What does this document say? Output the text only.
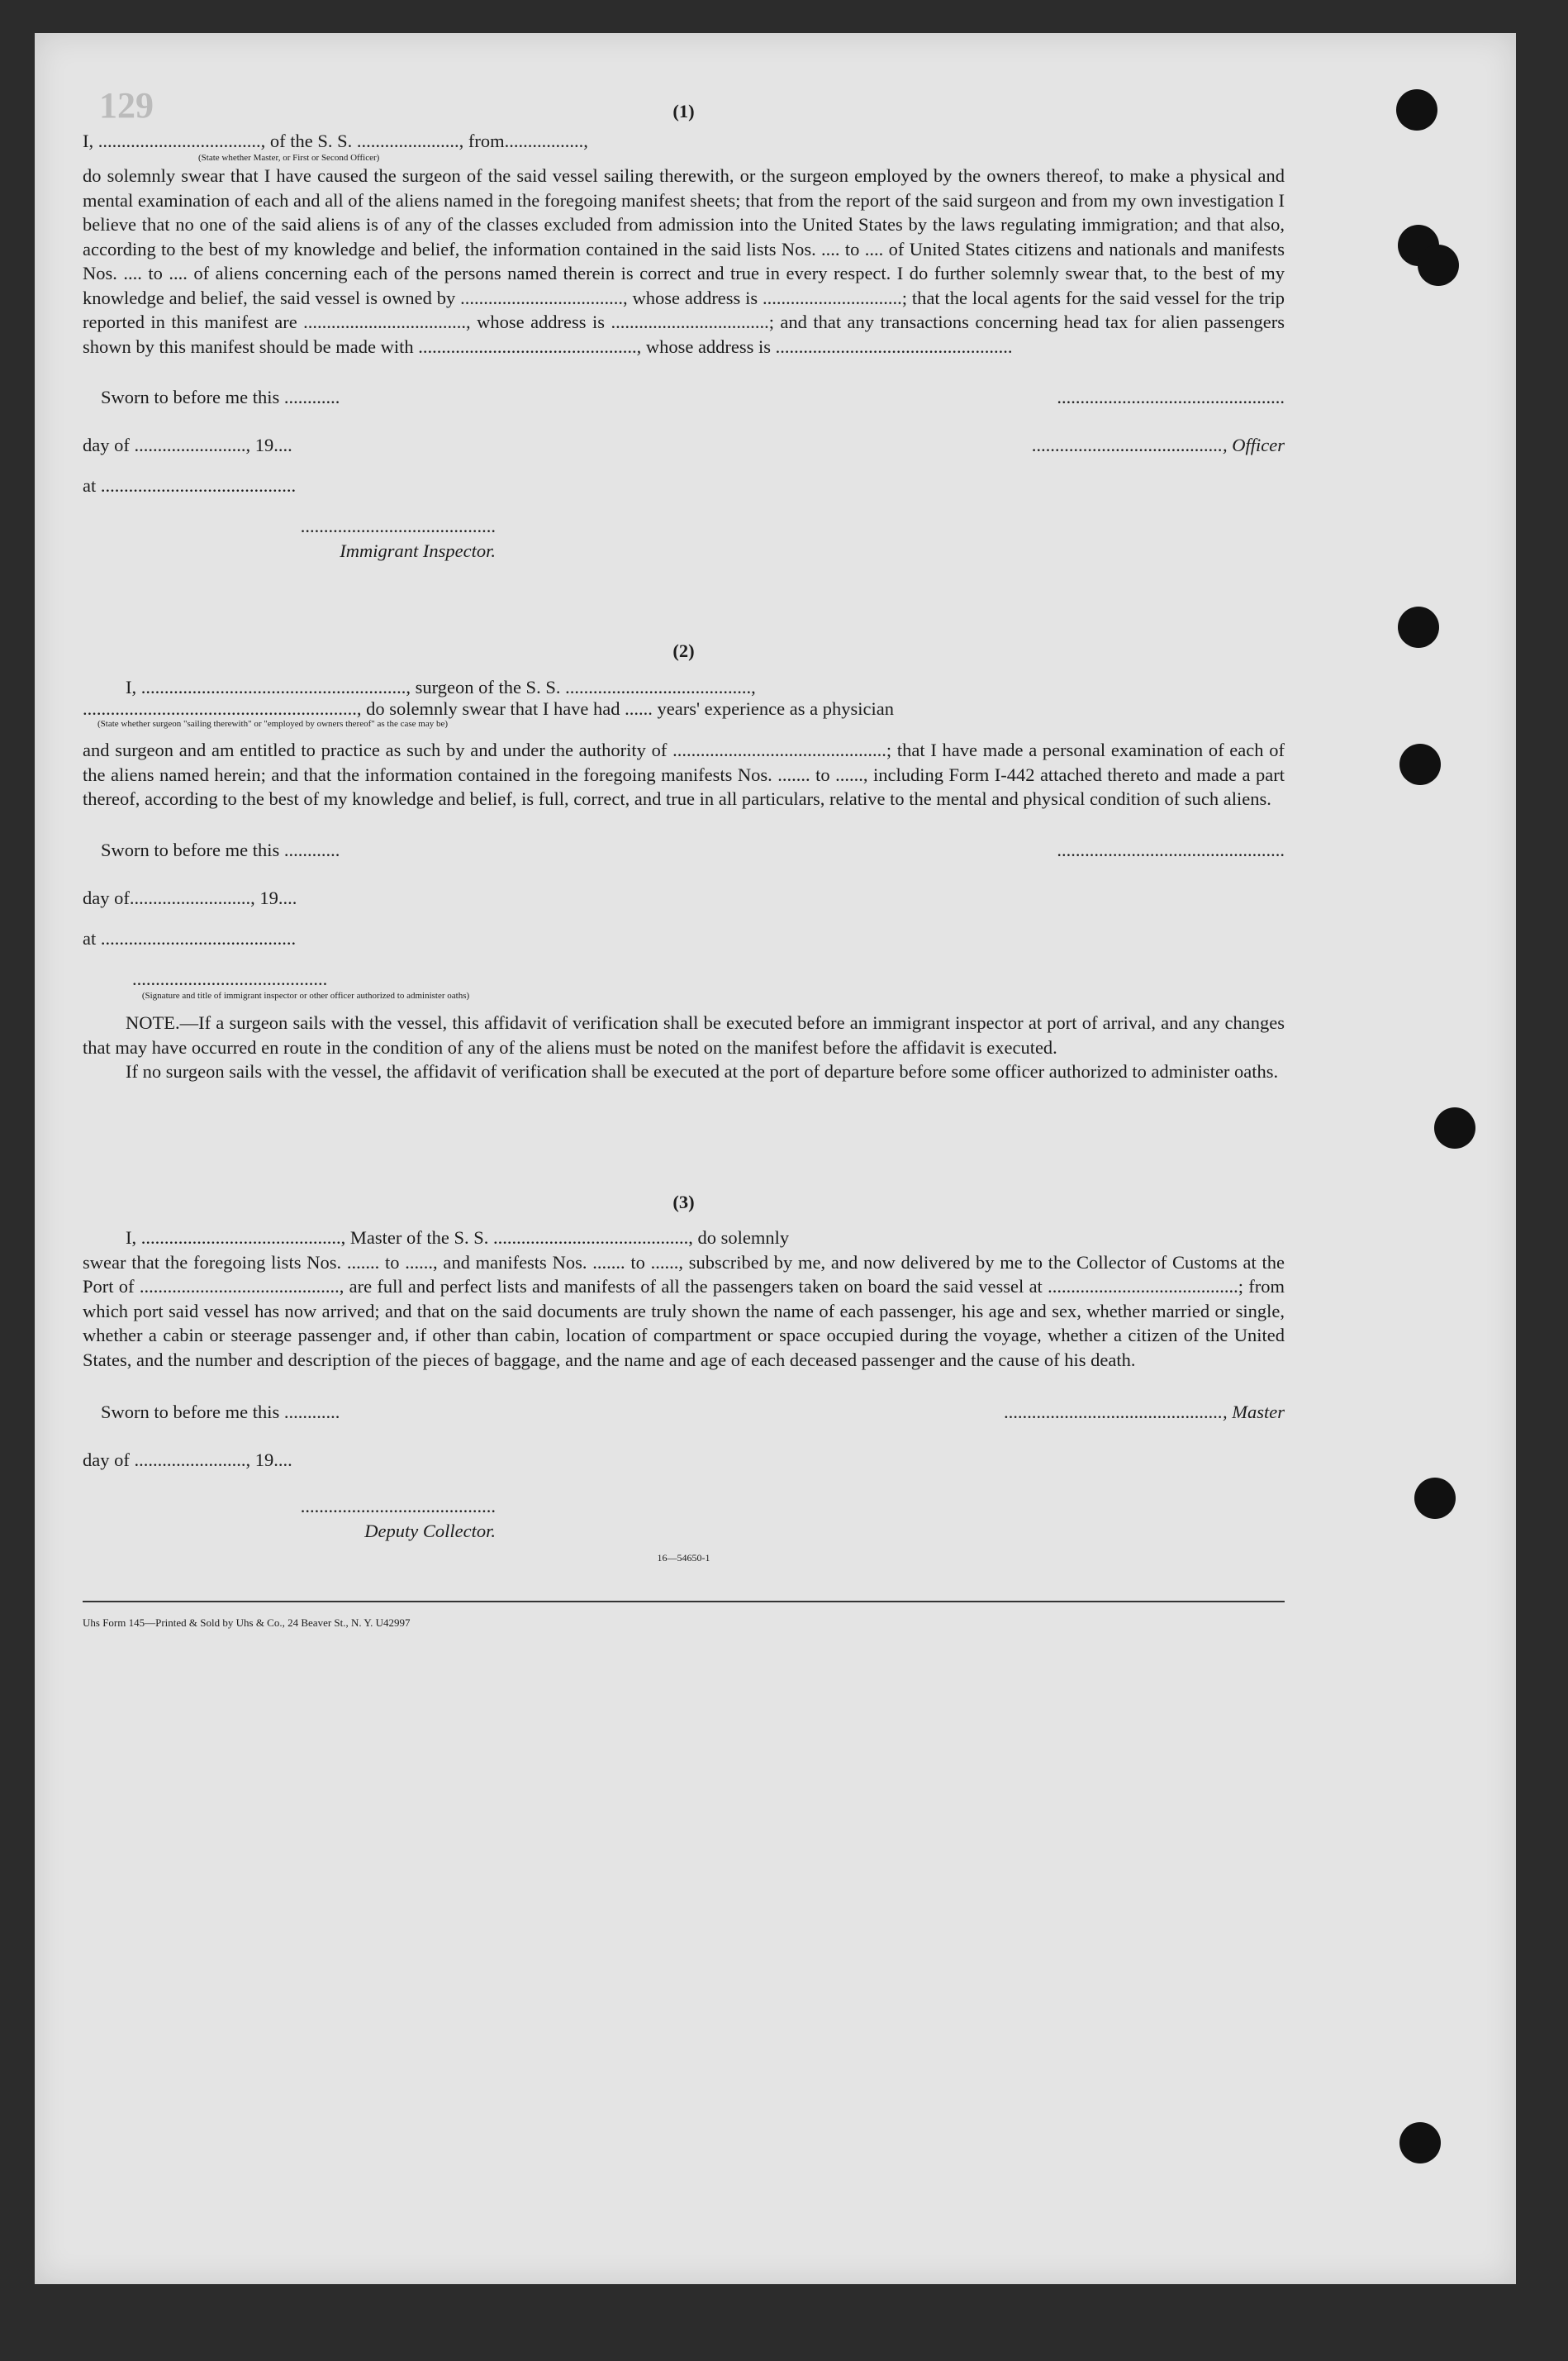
129	(1)
I, ..................................., of the S. S. ......................, from.................,
(State whether Master, or First or Second Officer)
do solemnly swear that I have caused the surgeon of the said vessel sailing therewith, or the surgeon employed by the owners thereof, to make a physical and mental examination of each and all of the aliens named in the foregoing manifest sheets; that from the report of the said surgeon and from my own investigation I believe that no one of the said aliens is of any of the classes excluded from admission into the United States by the laws regulating immigration; and that also, according to the best of my knowledge and belief, the information contained in the said lists Nos. .... to .... of United States citizens and nationals and manifests Nos. .... to .... of aliens concerning each of the persons named therein is correct and true in every respect. I do further solemnly swear that, to the best of my knowledge and belief, the said vessel is owned by ..................................., whose address is ..............................; that the local agents for the said vessel for the trip reported in this manifest are ..................................., whose address is ..................................; and that any transactions concerning head tax for alien passengers shown by this manifest should be made with ..............................................., whose address is ...................................................
Sworn to before me this ............	.................................................
day of ........................, 19....	........................................., Officer
at ..........................................
..........................................
Immigrant Inspector.
(2)
I, ........................................................., surgeon of the S. S. ........................................,
..........................................................., do solemnly swear that I have had ...... years' experience as a physician
(State whether surgeon "sailing therewith" or "employed by owners thereof" as the case may be)
and surgeon and am entitled to practice as such by and under the authority of ..............................................; that I have made a personal examination of each of the aliens named herein; and that the information contained in the foregoing manifests Nos. ....... to ......, including Form I-442 attached thereto and made a part thereof, according to the best of my knowledge and belief, is full, correct, and true in all particulars, relative to the mental and physical condition of such aliens.
Sworn to before me this ............	.................................................
day of.........................., 19....
at ..........................................
..........................................
(Signature and title of immigrant inspector or other officer authorized to administer oaths)
NOTE.—If a surgeon sails with the vessel, this affidavit of verification shall be executed before an immigrant inspector at port of arrival, and any changes that may have occurred en route in the condition of any of the aliens must be noted on the manifest before the affidavit is executed.
If no surgeon sails with the vessel, the affidavit of verification shall be executed at the port of departure before some officer authorized to administer oaths.
(3)
I, ..........................................., Master of the S. S. .........................................., do solemnly
swear that the foregoing lists Nos. ....... to ......, and manifests Nos. ....... to ......, subscribed by me, and now delivered by me to the Collector of Customs at the Port of ..........................................., are full and perfect lists and manifests of all the passengers taken on board the said vessel at .........................................; from which port said vessel has now arrived; and that on the said documents are truly shown the name of each passenger, his age and sex, whether married or single, whether a cabin or steerage passenger and, if other than cabin, location of compartment or space occupied during the voyage, whether a citizen of the United States, and the number and description of the pieces of baggage, and the name and age of each deceased passenger and the cause of his death.
Sworn to before me this ............	..............................................., Master
day of ........................, 19....
..........................................
Deputy Collector.
16—54650-1
Uhs Form 145—Printed & Sold by Uhs & Co., 24 Beaver St., N. Y. U42997
